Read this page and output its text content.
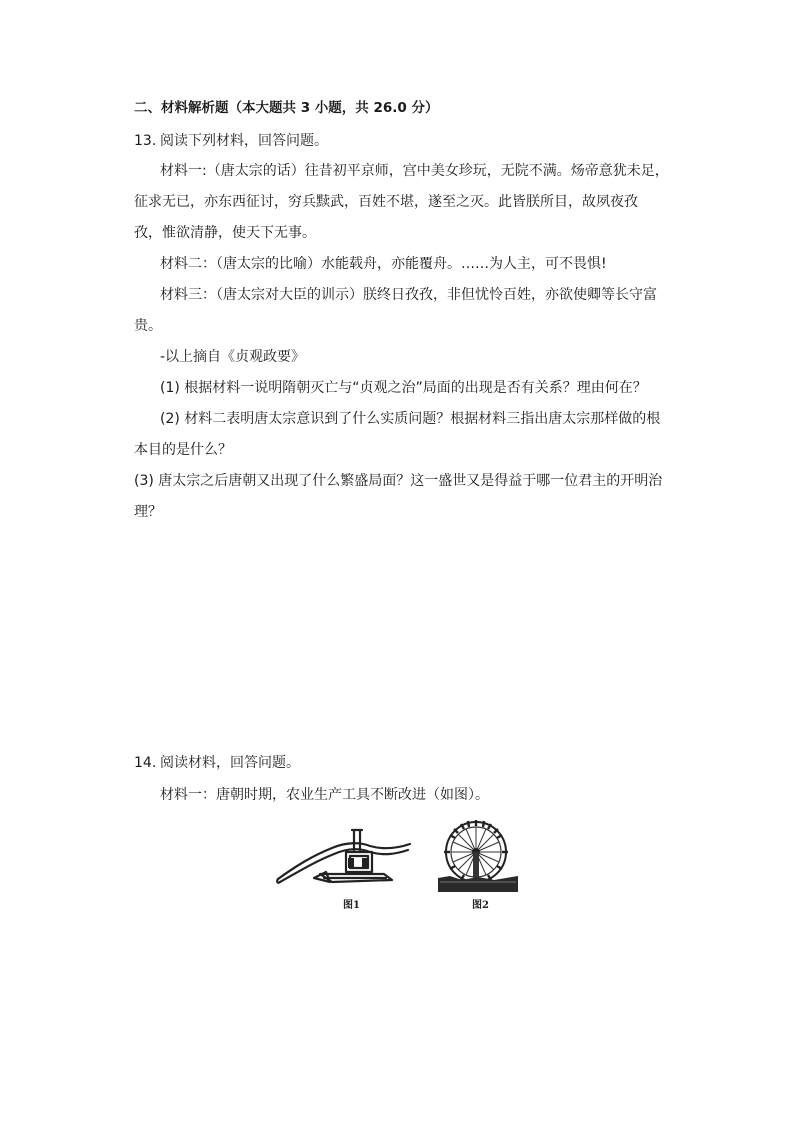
二、材料解析题（本大题共 3 小题，共 26.0 分）
13. 阅读下列材料，回答问题。
材料一:（唐太宗的话）往昔初平京师，宫中美女珍玩，无院不满。炀帝意犹未足，
征求无已，亦东西征讨，穷兵黩武，百姓不堪，遂至之灭。此皆朕所目，故夙夜孜
孜，惟欲清静，使天下无事。
材料二：（唐太宗的比喻）水能载舟，亦能覆舟。……为人主，可不畏惧!
材料三：（唐太宗对大臣的训示）朕终日孜孜，非但忧怜百姓，亦欲使卿等长守富
贵。
-以上摘自《贞观政要》
(1) 根据材料一说明隋朝灭亡与“贞观之治”局面的出现是否有关系？理由何在？
(2) 材料二表明唐太宗意识到了什么实质问题？根据材料三指出唐太宗那样做的根
本目的是什么？
(3) 唐太宗之后唐朝又出现了什么繁盛局面？这一盛世又是得益于哪一位君主的开明治
理？
14. 阅读材料，回答问题。
材料一：唐朝时期，农业生产工具不断改进（如图）。
图1	图2
